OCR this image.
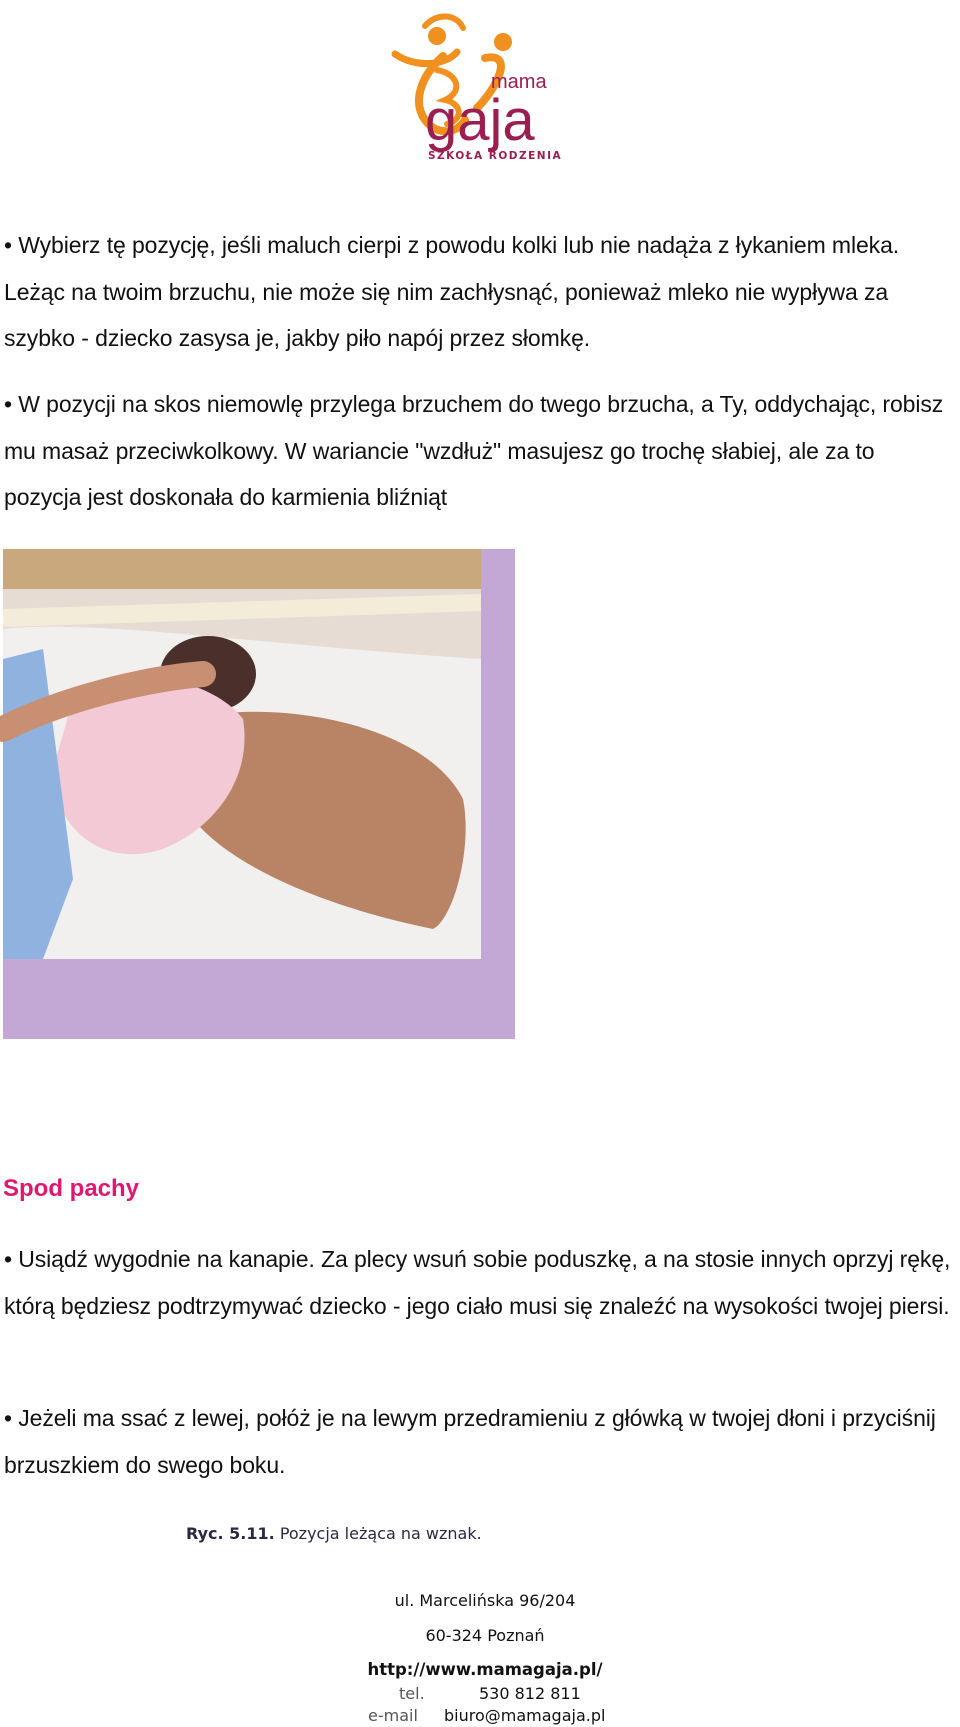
mama
gaja
SZKOŁA RODZENIA

• Wybierz tę pozycję, jeśli maluch cierpi z powodu kolki lub nie nadąża z łykaniem mleka. Leżąc na twoim brzuchu, nie może się nim zachłysnąć, ponieważ mleko nie wypływa za szybko - dziecko zasysa je, jakby piło napój przez słomkę.

• W pozycji na skos niemowlę przylega brzuchem do twego brzucha, a Ty, oddychając, robisz mu masaż przeciwkolkowy. W wariancie "wzdłuż" masujesz go trochę słabiej, ale za to pozycja jest doskonała do karmienia bliźniąt

Ryc. 5.11. Pozycja leżąca na wznak.
Spod pachy

• Usiądź wygodnie na kanapie. Za plecy wsuń sobie poduszkę, a na stosie innych oprzyj rękę, którą będziesz podtrzymywać dziecko - jego ciało musi się znaleźć na wysokości twojej piersi.

• Jeżeli ma ssać z lewej, połóż je na lewym przedramieniu z główką w twojej dłoni i przyciśnij brzuszkiem do swego boku.

ul. Marcelińska 96/204
60-324 Poznań
http://www.mamagaja.pl/
tel.	530 812 811
e-mail biuro@mamagaja.pl
